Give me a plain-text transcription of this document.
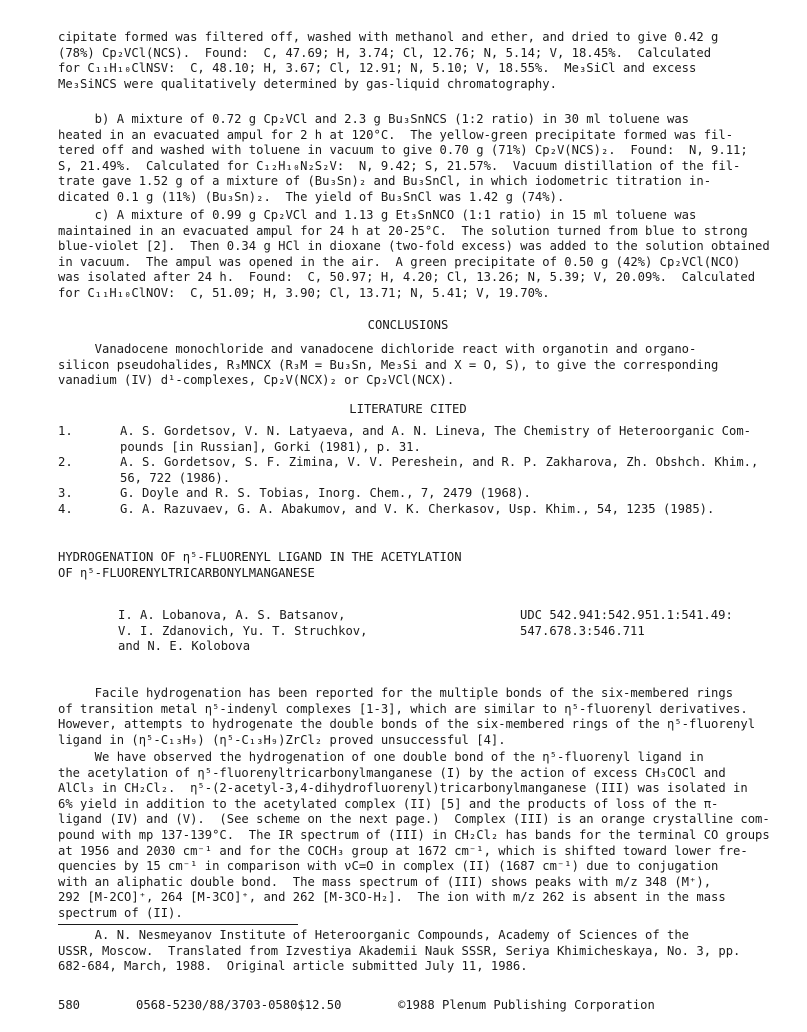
cipitate formed was filtered off, washed with methanol and ether, and dried to give 0.42 g
(78%) Cp₂VCl(NCS).  Found:  C, 47.69; H, 3.74; Cl, 12.76; N, 5.14; V, 18.45%.  Calculated
for C₁₁H₁₀ClNSV:  C, 48.10; H, 3.67; Cl, 12.91; N, 5.10; V, 18.55%.  Me₃SiCl and excess
Me₃SiNCS were qualitatively determined by gas-liquid chromatography.

b) A mixture of 0.72 g Cp₂VCl and 2.3 g Bu₃SnNCS (1:2 ratio) in 30 ml toluene was
heated in an evacuated ampul for 2 h at 120°C.  The yellow-green precipitate formed was fil-
tered off and washed with toluene in vacuum to give 0.70 g (71%) Cp₂V(NCS)₂.  Found:  N, 9.11;
S, 21.49%.  Calculated for C₁₂H₁₀N₂S₂V:  N, 9.42; S, 21.57%.  Vacuum distillation of the fil-
trate gave 1.52 g of a mixture of (Bu₃Sn)₂ and Bu₃SnCl, in which iodometric titration in-
dicated 0.1 g (11%) (Bu₃Sn)₂.  The yield of Bu₃SnCl was 1.42 g (74%).

c) A mixture of 0.99 g Cp₂VCl and 1.13 g Et₃SnNCO (1:1 ratio) in 15 ml toluene was
maintained in an evacuated ampul for 24 h at 20-25°C.  The solution turned from blue to strong
blue-violet [2].  Then 0.34 g HCl in dioxane (two-fold excess) was added to the solution obtained
in vacuum.  The ampul was opened in the air.  A green precipitate of 0.50 g (42%) Cp₂VCl(NCO)
was isolated after 24 h.  Found:  C, 50.97; H, 4.20; Cl, 13.26; N, 5.39; V, 20.09%.  Calculated
for C₁₁H₁₀ClNOV:  C, 51.09; H, 3.90; Cl, 13.71; N, 5.41; V, 19.70%.

CONCLUSIONS

Vanadocene monochloride and vanadocene dichloride react with organotin and organo-
silicon pseudohalides, R₃MNCX (R₃M = Bu₃Sn, Me₃Si and X = O, S), to give the corresponding
vanadium (IV) d¹-complexes, Cp₂V(NCX)₂ or Cp₂VCl(NCX).

LITERATURE CITED
1.	A. S. Gordetsov, V. N. Latyaeva, and A. N. Lineva, The Chemistry of Heteroorganic Com-
pounds [in Russian], Gorki (1981), p. 31.
2.	A. S. Gordetsov, S. F. Zimina, V. V. Pereshein, and R. P. Zakharova, Zh. Obshch. Khim.,
56, 722 (1986).
3.	G. Doyle and R. S. Tobias, Inorg. Chem., 7, 2479 (1968).
4.	G. A. Razuvaev, G. A. Abakumov, and V. K. Cherkasov, Usp. Khim., 54, 1235 (1985).

HYDROGENATION OF η⁵-FLUORENYL LIGAND IN THE ACETYLATION
OF η⁵-FLUORENYLTRICARBONYLMANGANESE

I. A. Lobanova, A. S. Batsanov,
V. I. Zdanovich, Yu. T. Struchkov,
and N. E. Kolobova

UDC 542.941:542.951.1:541.49:
547.678.3:546.711

Facile hydrogenation has been reported for the multiple bonds of the six-membered rings
of transition metal η⁵-indenyl complexes [1-3], which are similar to η⁵-fluorenyl derivatives.
However, attempts to hydrogenate the double bonds of the six-membered rings of the η⁵-fluorenyl
ligand in (η⁵-C₁₃H₉) (η⁵-C₁₃H₉)ZrCl₂ proved unsuccessful [4].

We have observed the hydrogenation of one double bond of the η⁵-fluorenyl ligand in
the acetylation of η⁵-fluorenyltricarbonylmanganese (I) by the action of excess CH₃COCl and
AlCl₃ in CH₂Cl₂.  η⁵-(2-acetyl-3,4-dihydrofluorenyl)tricarbonylmanganese (III) was isolated in
6% yield in addition to the acetylated complex (II) [5] and the products of loss of the π-
ligand (IV) and (V).  (See scheme on the next page.)  Complex (III) is an orange crystalline com-
pound with mp 137-139°C.  The IR spectrum of (III) in CH₂Cl₂ has bands for the terminal CO groups
at 1956 and 2030 cm⁻¹ and for the COCH₃ group at 1672 cm⁻¹, which is shifted toward lower fre-
quencies by 15 cm⁻¹ in comparison with νC=O in complex (II) (1687 cm⁻¹) due to conjugation
with an aliphatic double bond.  The mass spectrum of (III) shows peaks with m/z 348 (M⁺),
292 [M-2CO]⁺, 264 [M-3CO]⁺, and 262 [M-3CO-H₂].  The ion with m/z 262 is absent in the mass
spectrum of (II).

A. N. Nesmeyanov Institute of Heteroorganic Compounds, Academy of Sciences of the
USSR, Moscow.  Translated from Izvestiya Akademii Nauk SSSR, Seriya Khimicheskaya, No. 3, pp.
682-684, March, 1988.  Original article submitted July 11, 1986.

580	0568-5230/88/3703-0580$12.50	©1988 Plenum Publishing Corporation
